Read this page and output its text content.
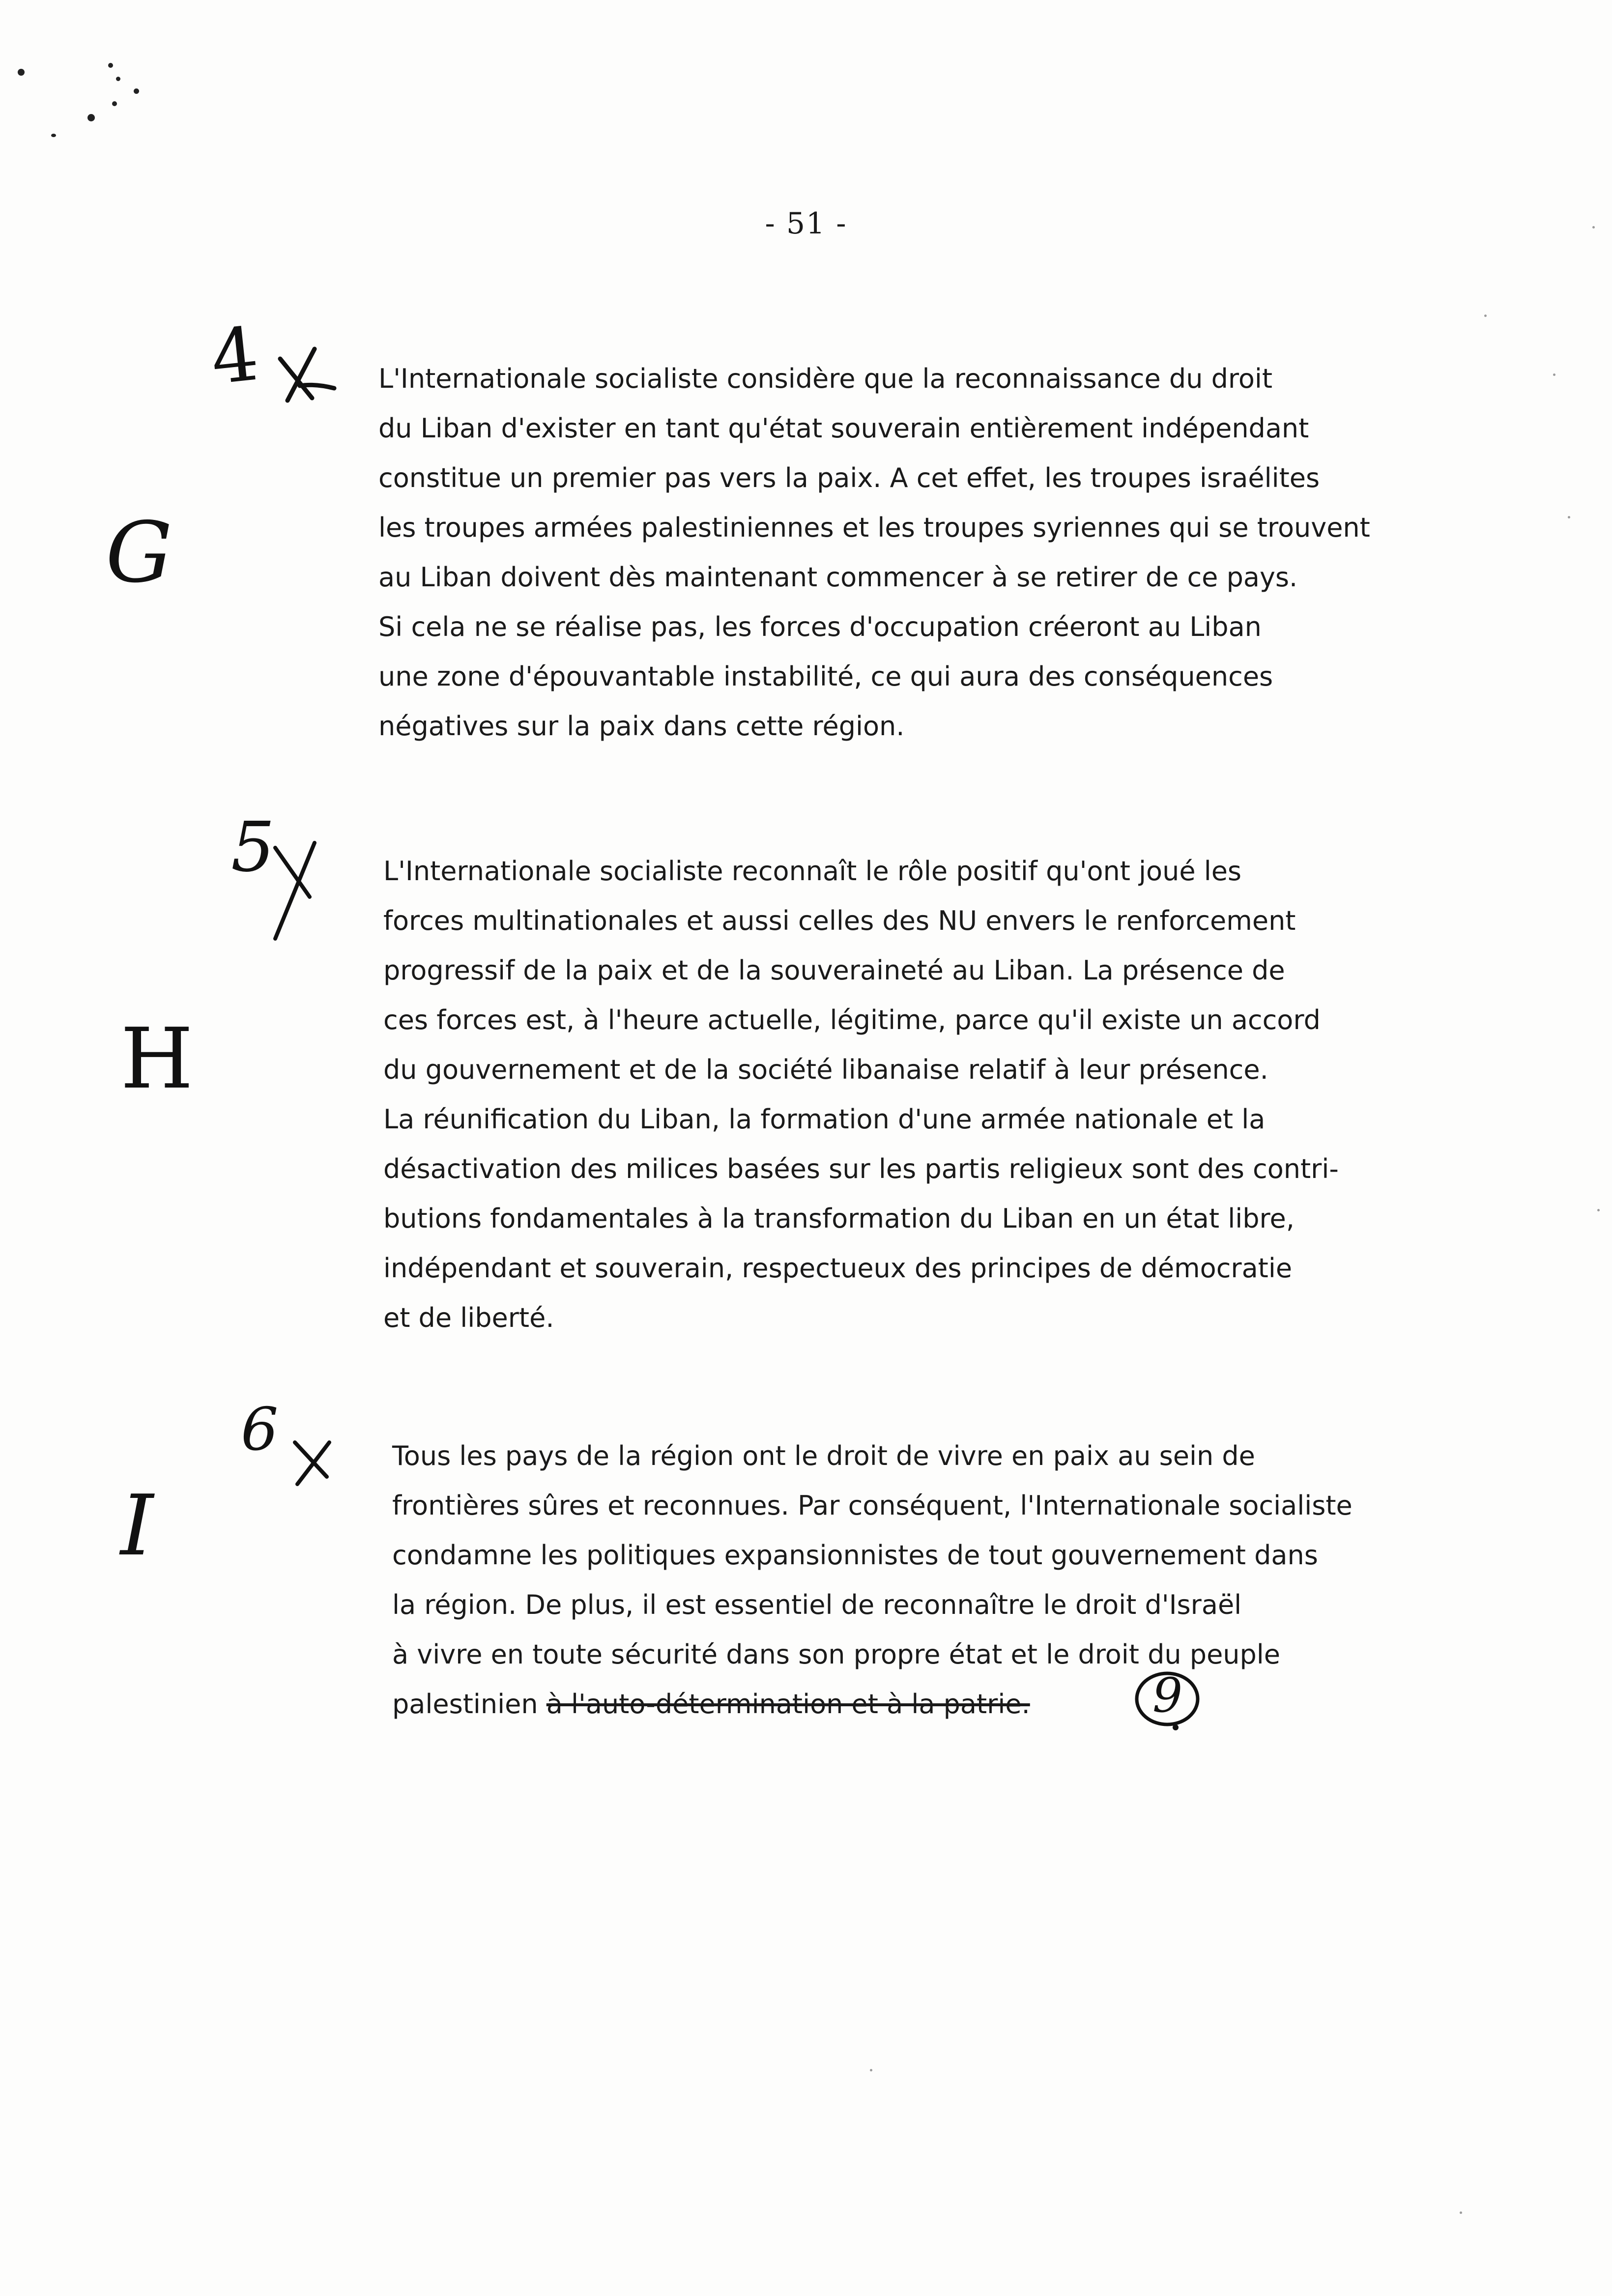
- 51 -
L'Internationale socialiste considère que la reconnaissance du droit
du Liban d'exister en tant qu'état souverain entièrement indépendant
constitue un premier pas vers la paix. A cet effet, les troupes israélites
les troupes armées palestiniennes et les troupes syriennes qui se trouvent
au Liban doivent dès maintenant commencer à se retirer de ce pays.
Si cela ne se réalise pas, les forces d'occupation créeront au Liban
une zone d'épouvantable instabilité, ce qui aura des conséquences
négatives sur la paix dans cette région.
L'Internationale socialiste reconnaît le rôle positif qu'ont joué les
forces multinationales et aussi celles des NU envers le renforcement
progressif de la paix et de la souveraineté au Liban. La présence de
ces forces est, à l'heure actuelle, légitime, parce qu'il existe un accord
du gouvernement et de la société libanaise relatif à leur présence.
La réunification du Liban, la formation d'une armée nationale et la
désactivation des milices basées sur les partis religieux sont des contri-
butions fondamentales à la transformation du Liban en un état libre,
indépendant et souverain, respectueux des principes de démocratie
et de liberté.
Tous les pays de la région ont le droit de vivre en paix au sein de
frontières sûres et reconnues. Par conséquent, l'Internationale socialiste
condamne les politiques expansionnistes de tout gouvernement dans
la région. De plus, il est essentiel de reconnaître le droit d'Israël
à vivre en toute sécurité dans son propre état et le droit du peuple
palestinien à l'auto-détermination et à la patrie.
4
G
5
H
6
I
9
